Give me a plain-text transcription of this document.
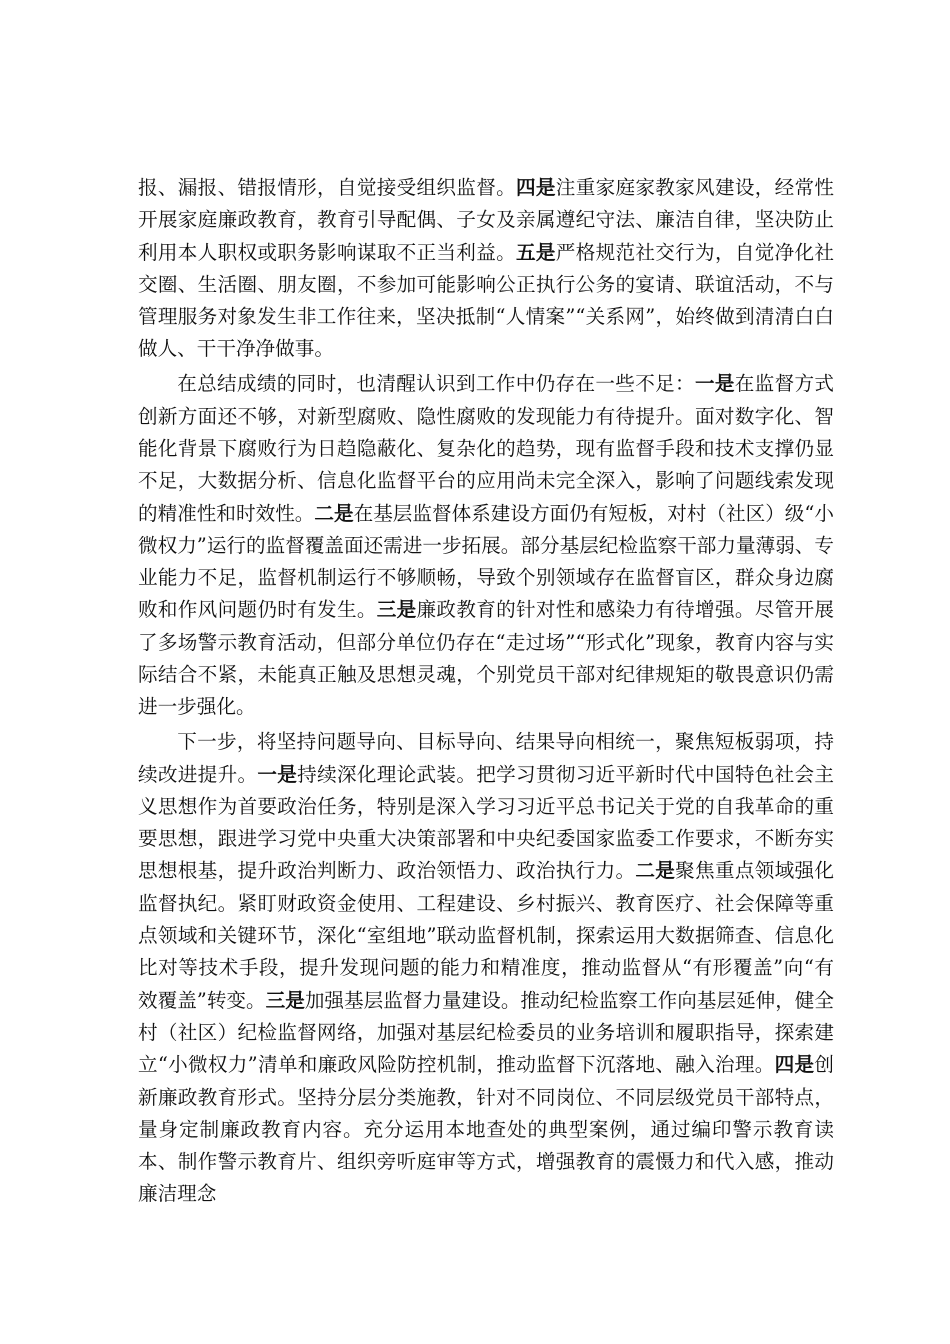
报、漏报、错报情形，自觉接受组织监督。四是注重家庭家教家风建设，经常性开展家庭廉政教育，教育引导配偶、子女及亲属遵纪守法、廉洁自律，坚决防止利用本人职权或职务影响谋取不正当利益。五是严格规范社交行为，自觉净化社交圈、生活圈、朋友圈，不参加可能影响公正执行公务的宴请、联谊活动，不与管理服务对象发生非工作往来，坚决抵制“人情案”“关系网”，始终做到清清白白做人、干干净净做事。

在总结成绩的同时，也清醒认识到工作中仍存在一些不足：一是在监督方式创新方面还不够，对新型腐败、隐性腐败的发现能力有待提升。面对数字化、智能化背景下腐败行为日趋隐蔽化、复杂化的趋势，现有监督手段和技术支撑仍显不足，大数据分析、信息化监督平台的应用尚未完全深入，影响了问题线索发现的精准性和时效性。二是在基层监督体系建设方面仍有短板，对村（社区）级“小微权力”运行的监督覆盖面还需进一步拓展。部分基层纪检监察干部力量薄弱、专业能力不足，监督机制运行不够顺畅，导致个别领域存在监督盲区，群众身边腐败和作风问题仍时有发生。三是廉政教育的针对性和感染力有待增强。尽管开展了多场警示教育活动，但部分单位仍存在“走过场”“形式化”现象，教育内容与实际结合不紧，未能真正触及思想灵魂，个别党员干部对纪律规矩的敬畏意识仍需进一步强化。

下一步，将坚持问题导向、目标导向、结果导向相统一，聚焦短板弱项，持续改进提升。一是持续深化理论武装。把学习贯彻习近平新时代中国特色社会主义思想作为首要政治任务，特别是深入学习习近平总书记关于党的自我革命的重要思想，跟进学习党中央重大决策部署和中央纪委国家监委工作要求，不断夯实思想根基，提升政治判断力、政治领悟力、政治执行力。二是聚焦重点领域强化监督执纪。紧盯财政资金使用、工程建设、乡村振兴、教育医疗、社会保障等重点领域和关键环节，深化“室组地”联动监督机制，探索运用大数据筛查、信息化比对等技术手段，提升发现问题的能力和精准度，推动监督从“有形覆盖”向“有效覆盖”转变。三是加强基层监督力量建设。推动纪检监察工作向基层延伸，健全村（社区）纪检监督网络，加强对基层纪检委员的业务培训和履职指导，探索建立“小微权力”清单和廉政风险防控机制，推动监督下沉落地、融入治理。四是创新廉政教育形式。坚持分层分类施教，针对不同岗位、不同层级党员干部特点，量身定制廉政教育内容。充分运用本地查处的典型案例，通过编印警示教育读本、制作警示教育片、组织旁听庭审等方式，增强教育的震慑力和代入感，推动廉洁理念
